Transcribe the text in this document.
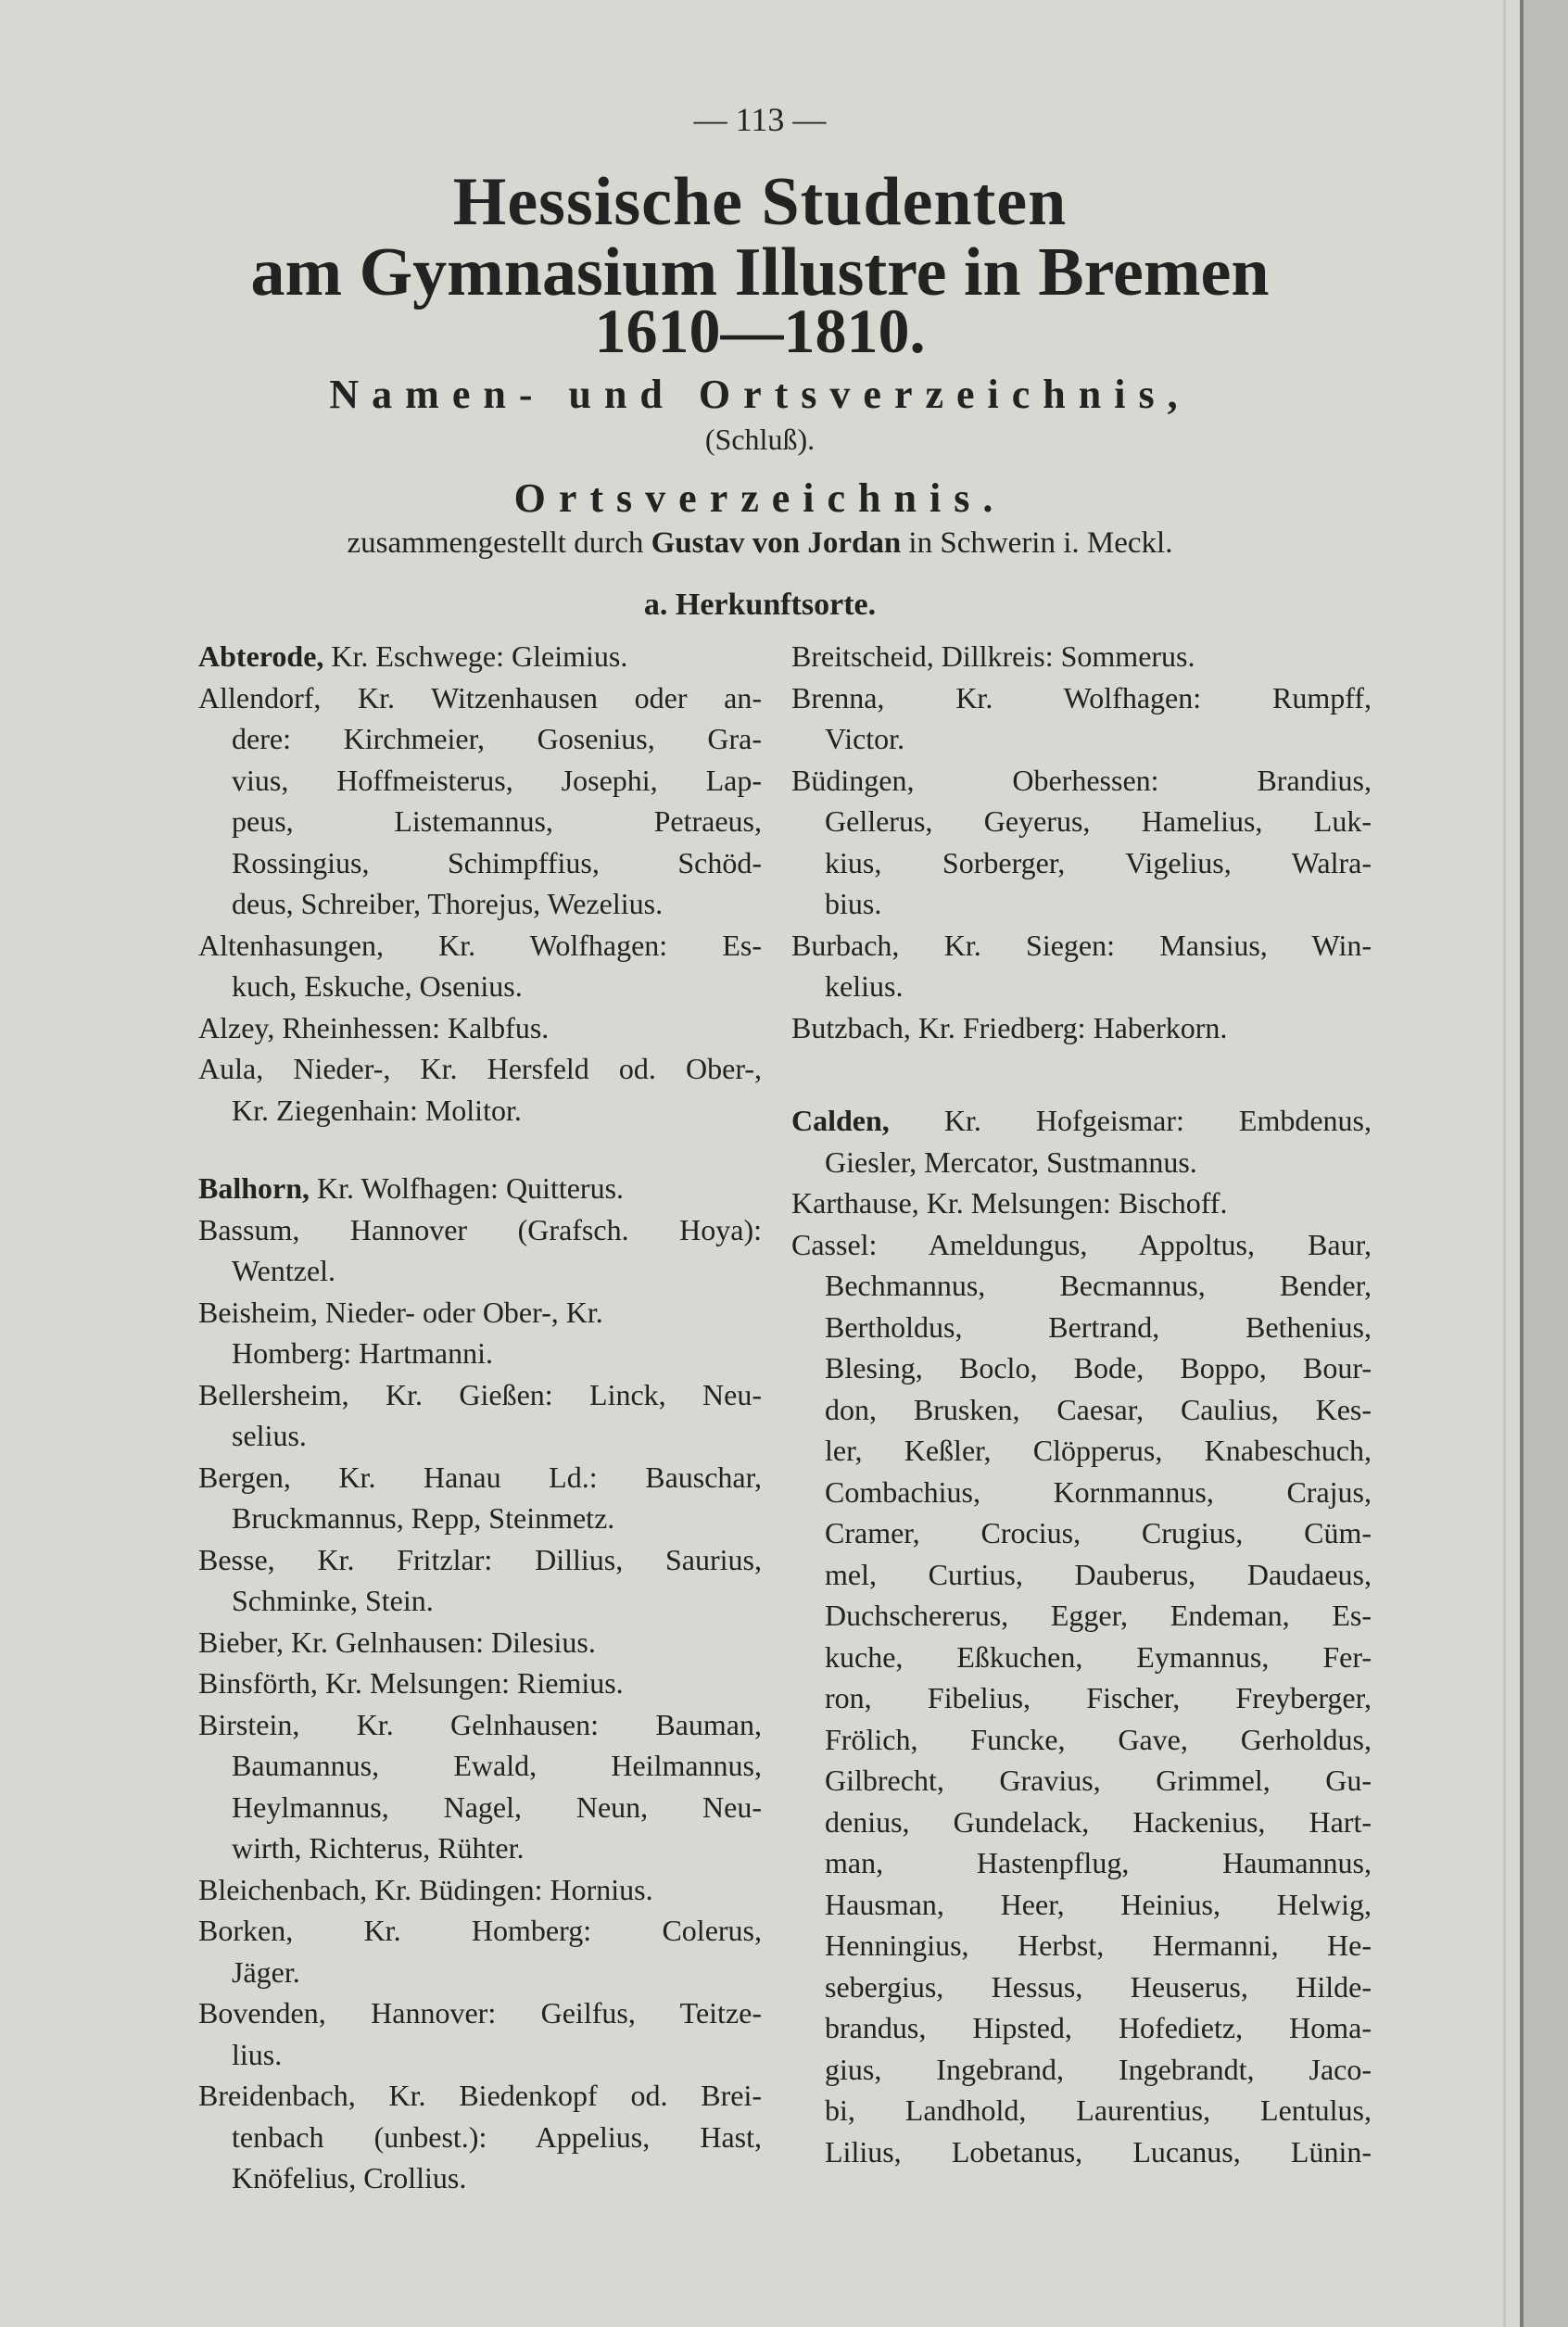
— 113 —
Hessische Studenten
am Gymnasium Illustre in Bremen
1610—1810.
Namen- und Ortsverzeichnis,
(Schluß).
Ortsverzeichnis.
zusammengestellt durch Gustav von Jordan in Schwerin i. Meckl.
a. Herkunftsorte.
Abterode, Kr. Eschwege: Gleimius.
Allendorf, Kr. Witzenhausen oder an-
dere: Kirchmeier, Gosenius, Gra-
vius, Hoffmeisterus, Josephi, Lap-
peus, Listemannus, Petraeus,
Rossingius, Schimpffius, Schöd-
deus, Schreiber, Thorejus, Wezelius.
Altenhasungen, Kr. Wolfhagen: Es-
kuch, Eskuche, Osenius.
Alzey, Rheinhessen: Kalbfus.
Aula, Nieder-, Kr. Hersfeld od. Ober-,
Kr. Ziegenhain: Molitor.
Balhorn, Kr. Wolfhagen: Quitterus.
Bassum, Hannover (Grafsch. Hoya):
Wentzel.
Beisheim, Nieder- oder Ober-, Kr.
Homberg: Hartmanni.
Bellersheim, Kr. Gießen: Linck, Neu-
selius.
Bergen, Kr. Hanau Ld.: Bauschar,
Bruckmannus, Repp, Steinmetz.
Besse, Kr. Fritzlar: Dillius, Saurius,
Schminke, Stein.
Bieber, Kr. Gelnhausen: Dilesius.
Binsförth, Kr. Melsungen: Riemius.
Birstein, Kr. Gelnhausen: Bauman,
Baumannus, Ewald, Heilmannus,
Heylmannus, Nagel, Neun, Neu-
wirth, Richterus, Rühter.
Bleichenbach, Kr. Büdingen: Hornius.
Borken, Kr. Homberg: Colerus,
Jäger.
Bovenden, Hannover: Geilfus, Teitze-
lius.
Breidenbach, Kr. Biedenkopf od. Brei-
tenbach (unbest.): Appelius, Hast,
Knöfelius, Crollius.
Breitscheid, Dillkreis: Sommerus.
Brenna, Kr. Wolfhagen: Rumpff,
Victor.
Büdingen, Oberhessen: Brandius,
Gellerus, Geyerus, Hamelius, Luk-
kius, Sorberger, Vigelius, Walra-
bius.
Burbach, Kr. Siegen: Mansius, Win-
kelius.
Butzbach, Kr. Friedberg: Haberkorn.
Calden, Kr. Hofgeismar: Embdenus,
Giesler, Mercator, Sustmannus.
Karthause, Kr. Melsungen: Bischoff.
Cassel: Ameldungus, Appoltus, Baur,
Bechmannus, Becmannus, Bender,
Bertholdus, Bertrand, Bethenius,
Blesing, Boclo, Bode, Boppo, Bour-
don, Brusken, Caesar, Caulius, Kes-
ler, Keßler, Clöpperus, Knabeschuch,
Combachius, Kornmannus, Crajus,
Cramer, Crocius, Crugius, Cüm-
mel, Curtius, Dauberus, Daudaeus,
Duchschererus, Egger, Endeman, Es-
kuche, Eßkuchen, Eymannus, Fer-
ron, Fibelius, Fischer, Freyberger,
Frölich, Funcke, Gave, Gerholdus,
Gilbrecht, Gravius, Grimmel, Gu-
denius, Gundelack, Hackenius, Hart-
man, Hastenpflug, Haumannus,
Hausman, Heer, Heinius, Helwig,
Henningius, Herbst, Hermanni, He-
sebergius, Hessus, Heuserus, Hilde-
brandus, Hipsted, Hofedietz, Homa-
gius, Ingebrand, Ingebrandt, Jaco-
bi, Landhold, Laurentius, Lentulus,
Lilius, Lobetanus, Lucanus, Lünin-
